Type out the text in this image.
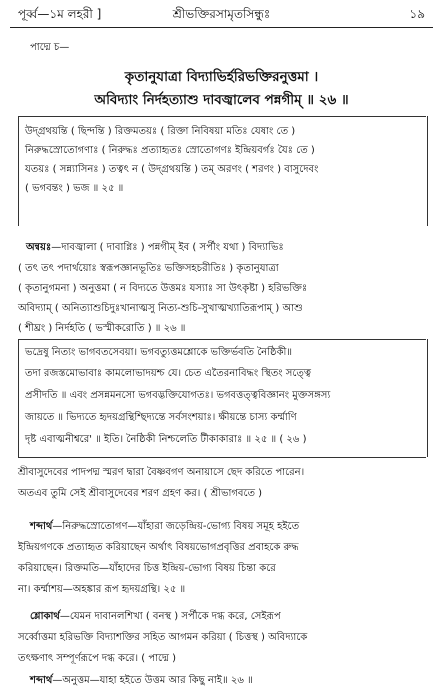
শ্রীভক্তিরসামৃতসিন্ধুঃ
পূর্ব্ব—১ম লহরী ]	১৯
পাদ্মে চ—
কৃতানুযাত্রা বিদ্যাভির্হরিভক্তিরনুত্তমা ।
অবিদ্যাং নির্দহত্যাশু দাবজ্বালেব পন্নগীম্ ॥ ২৬ ॥
উদ্গ্রথয়ন্তি ( ছিন্দন্তি ) রিক্তমতয়ঃ ( রিক্তা নিবিষয়া মতিঃ যেষাং তে )
নিরুদ্ধস্রোতোগণাঃ ( নিরুদ্ধঃ প্রত্যাহৃতঃ স্রোতোগণঃ ইন্দ্রিয়বর্গঃ যৈঃ তে )
যতয়ঃ ( সন্ন্যাসিনঃ ) তত্বৎ ন ( উদ্গ্রথয়ন্তি ) তম্ অরণং ( শরণং ) বাসুদেবং
( ভগবন্তং ) ভজ ॥ ২৫ ॥
অন্বয়ঃ—দাবজ্বালা ( দাবাগ্নিঃ ) পন্নগীম্ ইব ( সর্পীং যথা ) বিদ্যাভিঃ
( তৎ তৎ পদার্থয়োঃ স্বরূপজ্ঞানভূতিঃ ভক্তিসহচরীতিঃ ) কৃতানুযাত্রা
( কৃতানুগমনা ) অনুত্তমা ( ন বিদ্যতে উত্তমঃ যস্যাঃ সা উৎকৃষ্টা ) হরিভক্তিঃ
অবিদ্যাম্ ( অনিত্যাশুচিদুঃখানাত্মসু নিত্য-শুচি-সুখাত্মখ্যাতিরূপাম্ ) আশু
( শীঘ্রং ) নির্দহতি ( ভস্মীকরোতি ) ॥ ২৬ ॥
ভদ্রেষু নিত্যং ভাগবতসেবয়া। ভগবত্যুত্তমশ্লোকে ভক্তির্ভবতি নৈষ্ঠিকী॥
তদা রজস্তমোভাবাঃ কামলোভাদয়শ্চ যে। চেত এতৈরনাবিদ্ধং স্থিতং সত্ত্বে
প্রসীদতি ॥ এবং প্রসন্নমনসো ভগবদ্ভক্তিযোগতঃ। ভগবত্তত্ত্ববিজ্ঞানং মুক্তসঙ্গস্য
জায়তে ॥ ভিদ্যতে হৃদয়গ্রন্থিশ্ছিদ্যন্তে সর্বসংশয়াঃ। ক্ষীয়ন্তে চাস্য কর্ম্মাণি
দৃষ্ট এবাত্মনীশ্বরে' ॥ ইতি। নৈষ্ঠিকী নিশ্চলেতি টীকাকারাঃ ॥ ২৫ ॥ ( ২৬ )
শ্রীবাসুদেবের পাদপদ্ম স্মরণ দ্বারা বৈষ্ণবগণ অনায়াসে ছেদ করিতে পারেন।
অতএব তুমি সেই শ্রীবাসুদেবের শরণ গ্রহণ কর। ( শ্রীভাগবতে )
শব্দার্থ—নিরুদ্ধস্রোতোগণ—যাঁহারা জড়েন্দ্রিয়-ভোগ্য বিষয় সমূহ হইতে
ইন্দ্রিয়গণকে প্রত্যাহৃত করিয়াছেন অর্থাৎ বিষয়ভোগপ্রবৃত্তির প্রবাহকে রুদ্ধ
করিয়াছেন। রিক্তমতি—যাঁহাদের চিত্ত ইন্দ্রিয়-ভোগ্য বিষয় চিন্তা করে
না। কর্ম্মাশয়—অহঙ্কার রূপ হৃদয়গ্রন্থি। ২৫ ॥
শ্লোকার্থ—যেমন দাবানলশিখা ( বনস্থ ) সর্পীকে দগ্ধ করে, সেইরূপ
সর্ব্বোত্তমা হরিভক্তি বিদ্যাশক্তির সহিত আগমন করিয়া ( চিত্তস্থ ) অবিদ্যাকে
তৎক্ষণাৎ সম্পূর্ণরূপে দগ্ধ করে। ( পাদ্মে )
শব্দার্থ—অনুত্তম—যাহা হইতে উত্তম আর কিছু নাই॥ ২৬ ॥
